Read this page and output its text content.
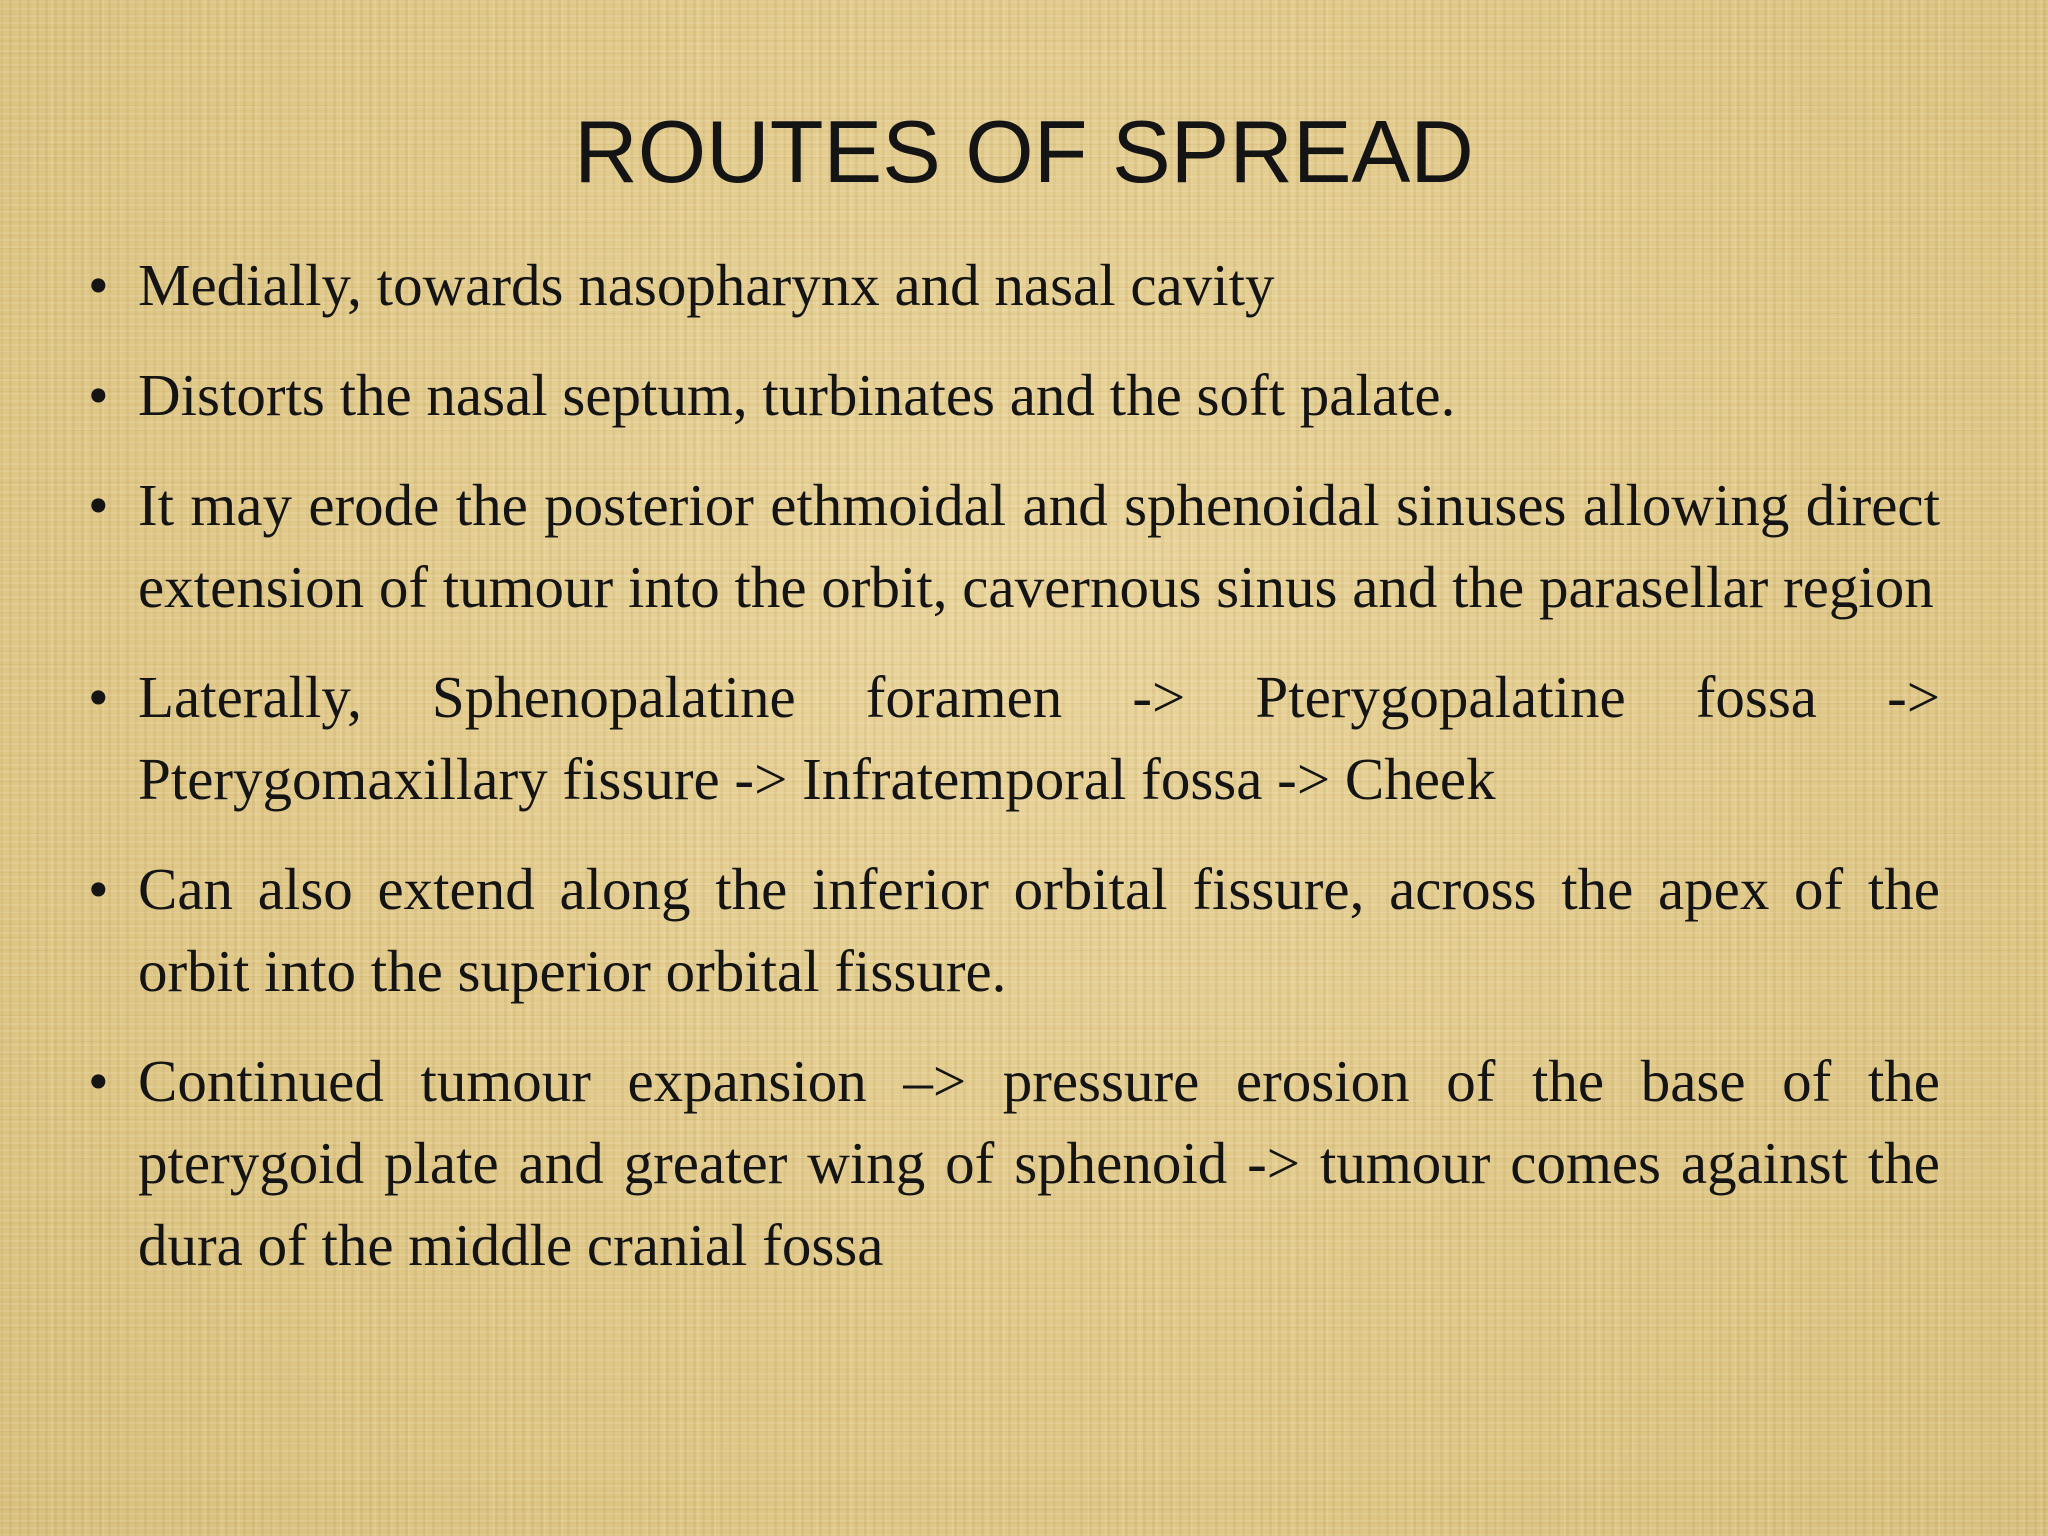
ROUTES OF SPREAD
• Medially, towards nasopharynx and nasal cavity
• Distorts the nasal septum, turbinates and the soft palate.
• It may erode the posterior ethmoidal and sphenoidal sinuses allowing direct extension of tumour into the orbit, cavernous sinus and the parasellar region
• Laterally, Sphenopalatine foramen -> Pterygopalatine fossa -> Pterygomaxillary fissure -> Infratemporal fossa -> Cheek
• Can also extend along the inferior orbital fissure, across the apex of the orbit into the superior orbital fissure.
• Continued tumour expansion –> pressure erosion of the base of the pterygoid plate and greater wing of sphenoid -> tumour comes against the dura of the middle cranial fossa
